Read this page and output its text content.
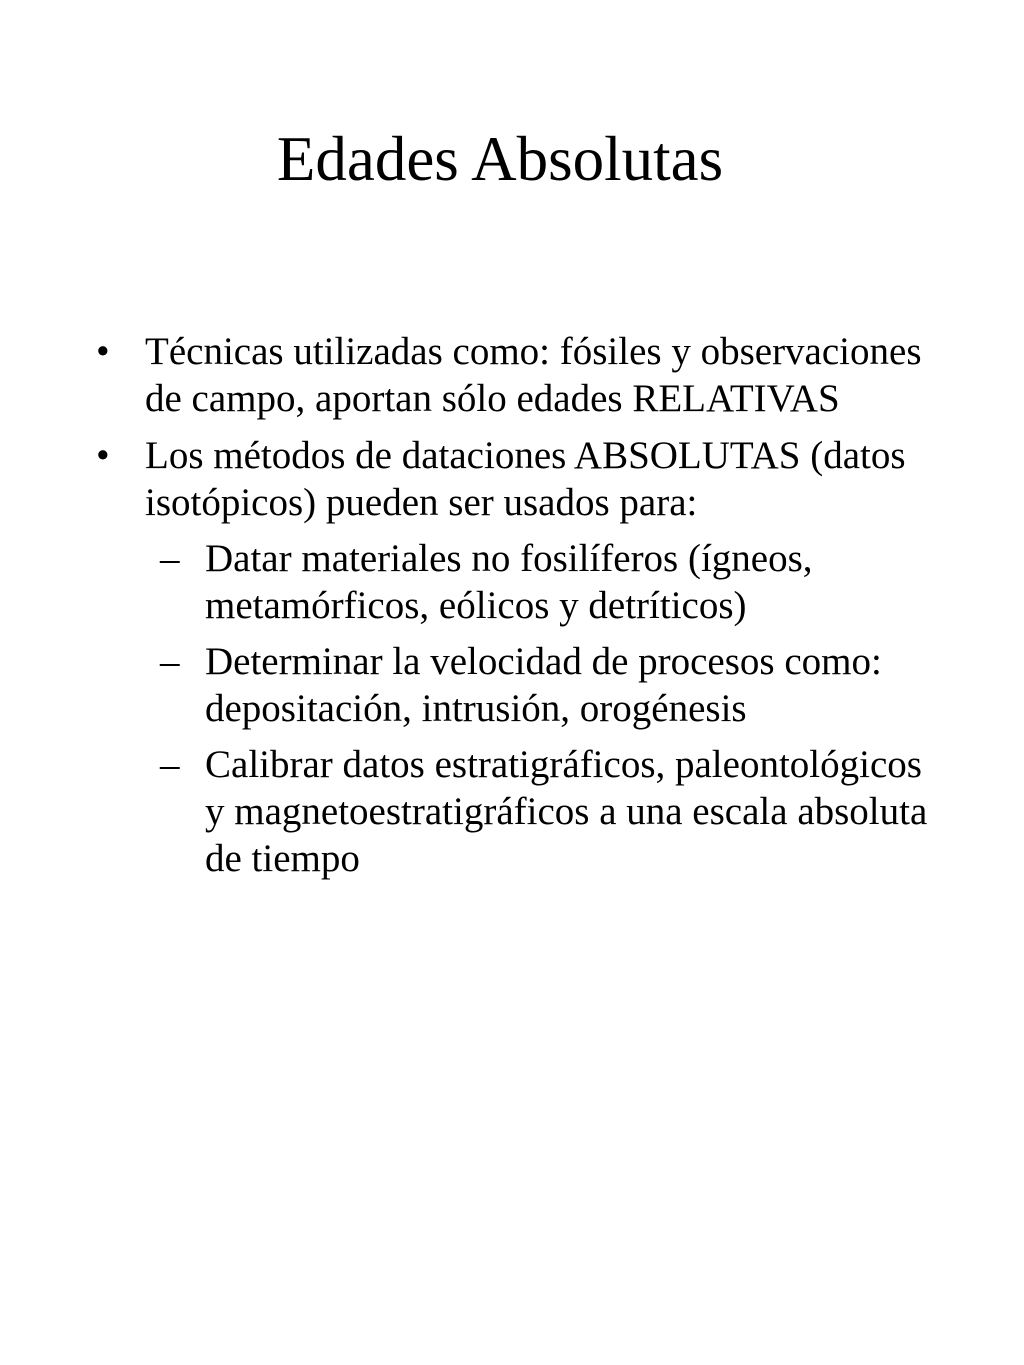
Edades Absolutas
• Técnicas utilizadas como: fósiles y observaciones de campo, aportan sólo edades RELATIVAS
• Los métodos de dataciones ABSOLUTAS (datos isotópicos) pueden ser usados para:
– Datar materiales no fosilíferos (ígneos, metamórficos, eólicos y detríticos)
– Determinar la velocidad de procesos como: depositación, intrusión, orogénesis
– Calibrar datos estratigráficos, paleontológicos y magnetoestratigráficos a una escala absoluta de tiempo
